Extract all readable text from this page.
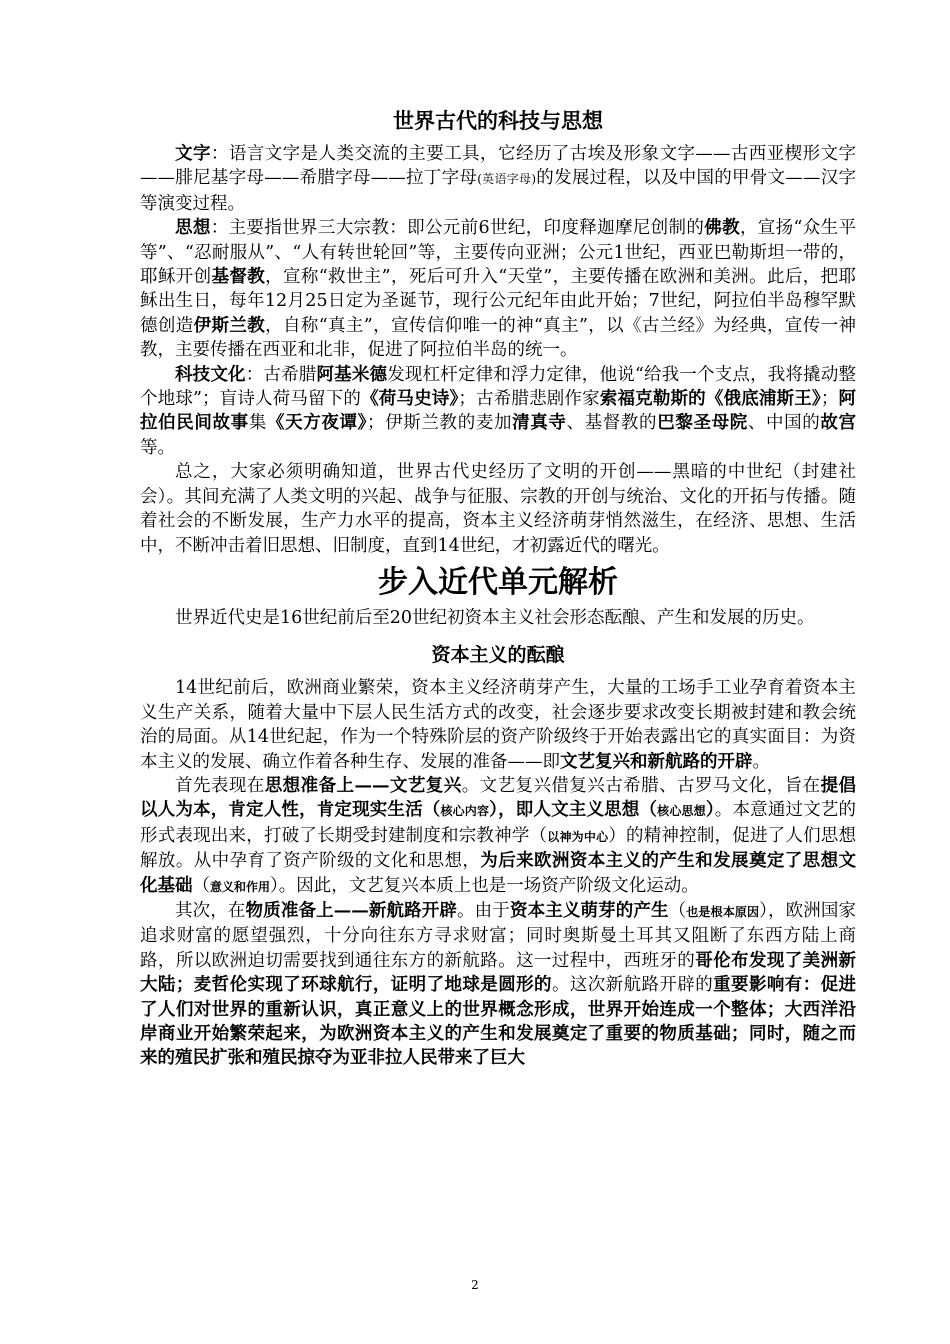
世界古代的科技与思想

文字：语言文字是人类交流的主要工具，它经历了古埃及形象文字——古西亚楔形文字——腓尼基字母——希腊字母——拉丁字母(英语字母)的发展过程，以及中国的甲骨文——汉字等演变过程。

思想：主要指世界三大宗教：即公元前6世纪，印度释迦摩尼创制的佛教，宣扬“众生平等”、“忍耐服从”、“人有转世轮回”等，主要传向亚洲；公元1世纪，西亚巴勒斯坦一带的，耶稣开创基督教，宣称“救世主”，死后可升入“天堂”，主要传播在欧洲和美洲。此后，把耶稣出生日，每年12月25日定为圣诞节，现行公元纪年由此开始；7世纪，阿拉伯半岛穆罕默德创造伊斯兰教，自称“真主”，宣传信仰唯一的神“真主”，以《古兰经》为经典，宣传一神教，主要传播在西亚和北非，促进了阿拉伯半岛的统一。

科技文化：古希腊阿基米德发现杠杆定律和浮力定律，他说“给我一个支点，我将撬动整个地球”；盲诗人荷马留下的《荷马史诗》；古希腊悲剧作家索福克勒斯的《俄底浦斯王》；阿拉伯民间故事集《天方夜谭》；伊斯兰教的麦加清真寺、基督教的巴黎圣母院、中国的故宫等。

总之，大家必须明确知道，世界古代史经历了文明的开创——黑暗的中世纪（封建社会）。其间充满了人类文明的兴起、战争与征服、宗教的开创与统治、文化的开拓与传播。随着社会的不断发展，生产力水平的提高，资本主义经济萌芽悄然滋生，在经济、思想、生活中，不断冲击着旧思想、旧制度，直到14世纪，才初露近代的曙光。

步入近代单元解析

世界近代史是16世纪前后至20世纪初资本主义社会形态酝酿、产生和发展的历史。

资本主义的酝酿

14世纪前后，欧洲商业繁荣，资本主义经济萌芽产生，大量的工场手工业孕育着资本主义生产关系，随着大量中下层人民生活方式的改变，社会逐步要求改变长期被封建和教会统治的局面。从14世纪起，作为一个特殊阶层的资产阶级终于开始表露出它的真实面目：为资本主义的发展、确立作着各种生存、发展的准备——即文艺复兴和新航路的开辟。

首先表现在思想准备上——文艺复兴。文艺复兴借复兴古希腊、古罗马文化，旨在提倡以人为本，肯定人性，肯定现实生活（核心内容），即人文主义思想（核心思想）。本意通过文艺的形式表现出来，打破了长期受封建制度和宗教神学（以神为中心）的精神控制，促进了人们思想解放。从中孕育了资产阶级的文化和思想，为后来欧洲资本主义的产生和发展奠定了思想文化基础（意义和作用）。因此，文艺复兴本质上也是一场资产阶级文化运动。

其次，在物质准备上——新航路开辟。由于资本主义萌芽的产生（也是根本原因），欧洲国家追求财富的愿望强烈，十分向往东方寻求财富；同时奥斯曼土耳其又阻断了东西方陆上商路，所以欧洲迫切需要找到通往东方的新航路。这一过程中，西班牙的哥伦布发现了美洲新大陆；麦哲伦实现了环球航行，证明了地球是圆形的。这次新航路开辟的重要影响有：促进了人们对世界的重新认识，真正意义上的世界概念形成，世界开始连成一个整体；大西洋沿岸商业开始繁荣起来，为欧洲资本主义的产生和发展奠定了重要的物质基础；同时，随之而来的殖民扩张和殖民掠夺为亚非拉人民带来了巨大

2
